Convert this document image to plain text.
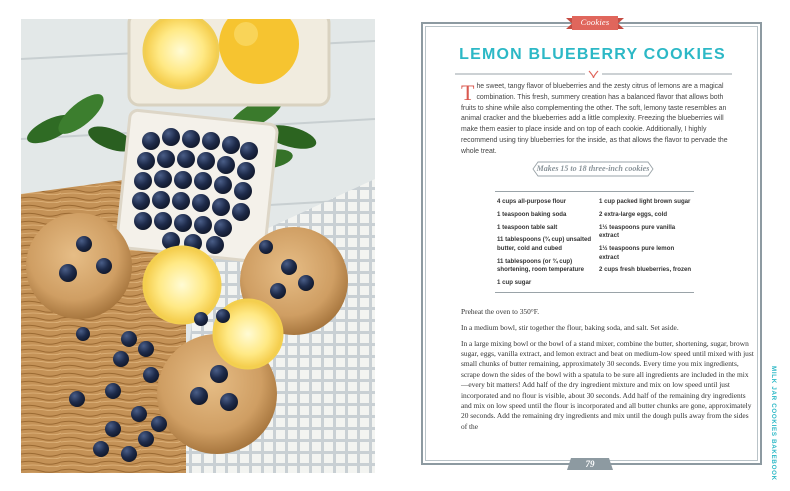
Cookies
LEMON BLUEBERRY COOKIES
The sweet, tangy flavor of blueberries and the zesty citrus of lemons are a magical combination. This fresh, summery creation has a balanced flavor that allows both fruits to shine while also complementing the other. The soft, lemony taste resembles an animal cracker and the blueberries add a little complexity. Freezing the blueberries will make them easier to place inside and on top of each cookie. Additionally, I highly recommend using tiny blueberries for the inside, as that allows the flavor to pervade the whole treat.
Makes 15 to 18 three-inch cookies
4 cups all-purpose flour
1 teaspoon baking soda
1 teaspoon table salt
11 tablespoons (¾ cup) unsalted butter, cold and cubed
11 tablespoons (or ¾ cup) shortening, room temperature
1 cup sugar
1 cup packed light brown sugar
2 extra-large eggs, cold
1½ teaspoons pure vanilla extract
1½ teaspoons pure lemon extract
2 cups fresh blueberries, frozen

Preheat the oven to 350°F.

In a medium bowl, stir together the flour, baking soda, and salt. Set aside.

In a large mixing bowl or the bowl of a stand mixer, combine the butter, shortening, sugar, brown sugar, eggs, vanilla extract, and lemon extract and beat on medium-low speed until mixed with just small chunks of butter remaining, approximately 30 seconds. Every time you mix ingredients, scrape down the sides of the bowl with a spatula to be sure all ingredients are included in the mix—every bit matters! Add half of the dry ingredient mixture and mix on low speed until just incorporated and no flour is visible, about 30 seconds. Add half of the remaining dry ingredients and mix on low speed until the flour is incorporated and all butter chunks are gone, approximately 20 seconds. Add the remaining dry ingredients and mix until the dough pulls away from the sides of the

79	MILK JAR COOKIES BAKEBOOK
